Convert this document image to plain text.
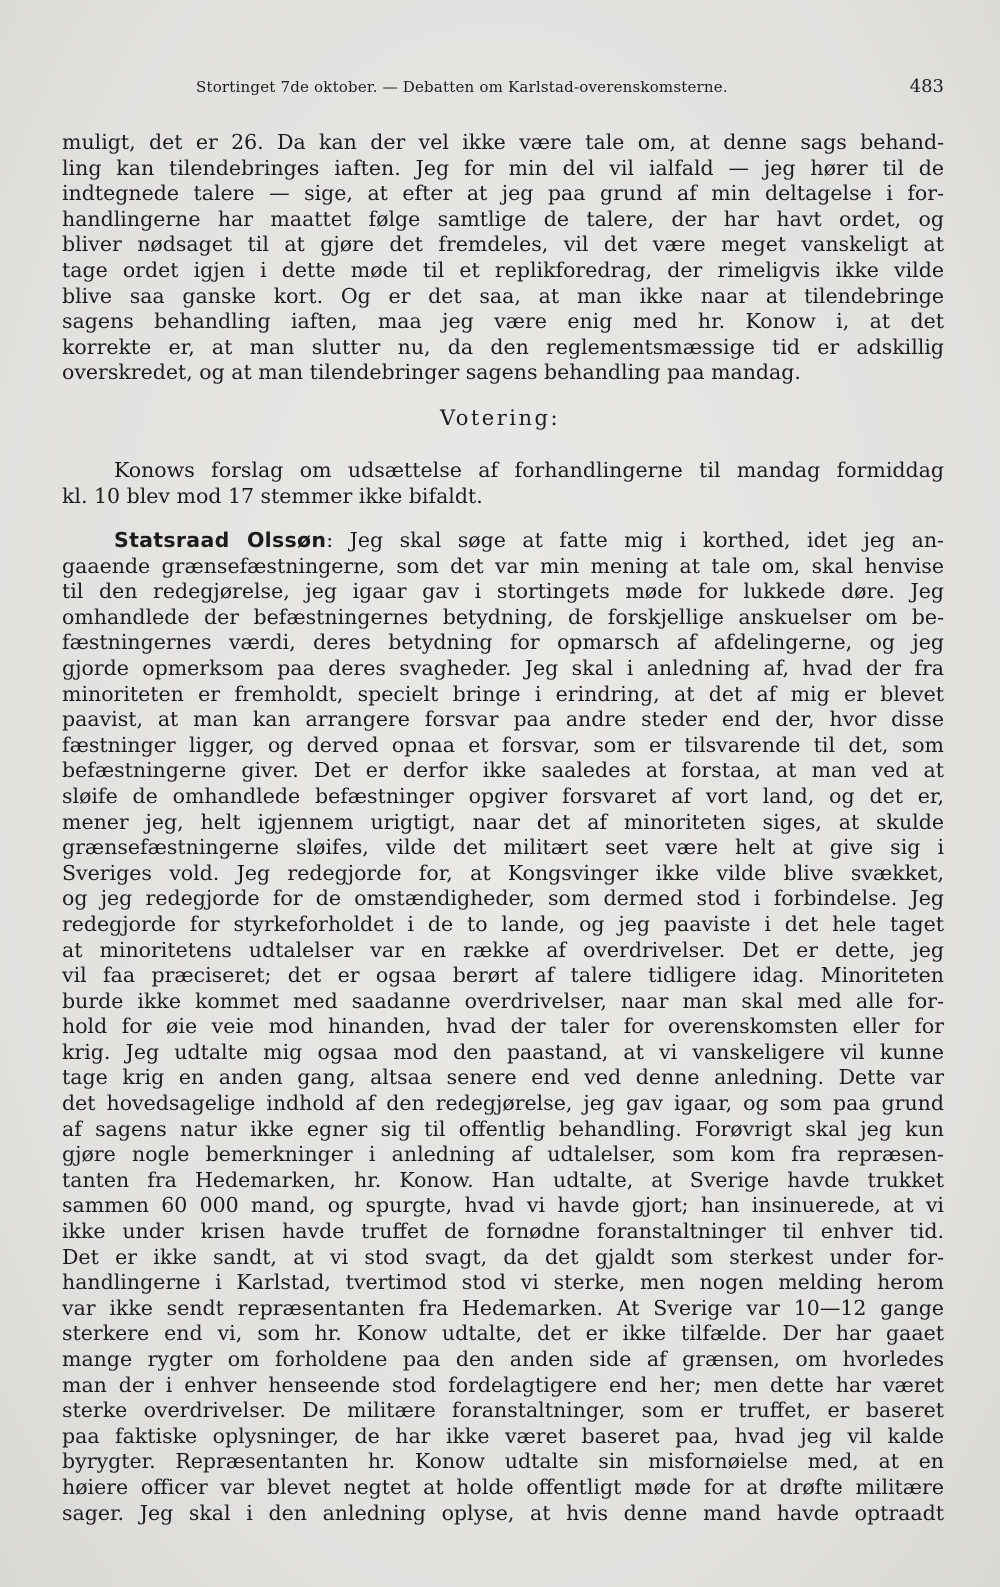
Stortinget 7de oktober. — Debatten om Karlstad-overenskomsterne.	483
muligt, det er 26. Da kan der vel ikke være tale om, at denne sags behand-
ling kan tilendebringes iaften. Jeg for min del vil ialfald — jeg hører til de
indtegnede talere — sige, at efter at jeg paa grund af min deltagelse i for-
handlingerne har maattet følge samtlige de talere, der har havt ordet, og
bliver nødsaget til at gjøre det fremdeles, vil det være meget vanskeligt at
tage ordet igjen i dette møde til et replikforedrag, der rimeligvis ikke vilde
blive saa ganske kort. Og er det saa, at man ikke naar at tilendebringe
sagens behandling iaften, maa jeg være enig med hr. Konow i, at det
korrekte er, at man slutter nu, da den reglementsmæssige tid er adskillig
overskredet, og at man tilendebringer sagens behandling paa mandag.
Votering:
Konows forslag om udsættelse af forhandlingerne til mandag formiddag
kl. 10 blev mod 17 stemmer ikke bifaldt.
Statsraad Olssøn: Jeg skal søge at fatte mig i korthed, idet jeg an-
gaaende grænsefæstningerne, som det var min mening at tale om, skal henvise
til den redegjørelse, jeg igaar gav i stortingets møde for lukkede døre. Jeg
omhandlede der befæstningernes betydning, de forskjellige anskuelser om be-
fæstningernes værdi, deres betydning for opmarsch af afdelingerne, og jeg
gjorde opmerksom paa deres svagheder. Jeg skal i anledning af, hvad der fra
minoriteten er fremholdt, specielt bringe i erindring, at det af mig er blevet
paavist, at man kan arrangere forsvar paa andre steder end der, hvor disse
fæstninger ligger, og derved opnaa et forsvar, som er tilsvarende til det, som
befæstningerne giver. Det er derfor ikke saaledes at forstaa, at man ved at
sløife de omhandlede befæstninger opgiver forsvaret af vort land, og det er,
mener jeg, helt igjennem urigtigt, naar det af minoriteten siges, at skulde
grænsefæstningerne sløifes, vilde det militært seet være helt at give sig i
Sveriges vold. Jeg redegjorde for, at Kongsvinger ikke vilde blive svækket,
og jeg redegjorde for de omstændigheder, som dermed stod i forbindelse. Jeg
redegjorde for styrkeforholdet i de to lande, og jeg paaviste i det hele taget
at minoritetens udtalelser var en række af overdrivelser. Det er dette, jeg
vil faa præciseret; det er ogsaa berørt af talere tidligere idag. Minoriteten
burde ikke kommet med saadanne overdrivelser, naar man skal med alle for-
hold for øie veie mod hinanden, hvad der taler for overenskomsten eller for
krig. Jeg udtalte mig ogsaa mod den paastand, at vi vanskeligere vil kunne
tage krig en anden gang, altsaa senere end ved denne anledning. Dette var
det hovedsagelige indhold af den redegjørelse, jeg gav igaar, og som paa grund
af sagens natur ikke egner sig til offentlig behandling. Forøvrigt skal jeg kun
gjøre nogle bemerkninger i anledning af udtalelser, som kom fra repræsen-
tanten fra Hedemarken, hr. Konow. Han udtalte, at Sverige havde trukket
sammen 60 000 mand, og spurgte, hvad vi havde gjort; han insinuerede, at vi
ikke under krisen havde truffet de fornødne foranstaltninger til enhver tid.
Det er ikke sandt, at vi stod svagt, da det gjaldt som sterkest under for-
handlingerne i Karlstad, tvertimod stod vi sterke, men nogen melding herom
var ikke sendt repræsentanten fra Hedemarken. At Sverige var 10—12 gange
sterkere end vi, som hr. Konow udtalte, det er ikke tilfælde. Der har gaaet
mange rygter om forholdene paa den anden side af grænsen, om hvorledes
man der i enhver henseende stod fordelagtigere end her; men dette har været
sterke overdrivelser. De militære foranstaltninger, som er truffet, er baseret
paa faktiske oplysninger, de har ikke været baseret paa, hvad jeg vil kalde
byrygter. Repræsentanten hr. Konow udtalte sin misfornøielse med, at en
høiere officer var blevet negtet at holde offentligt møde for at drøfte militære
sager. Jeg skal i den anledning oplyse, at hvis denne mand havde optraadt
